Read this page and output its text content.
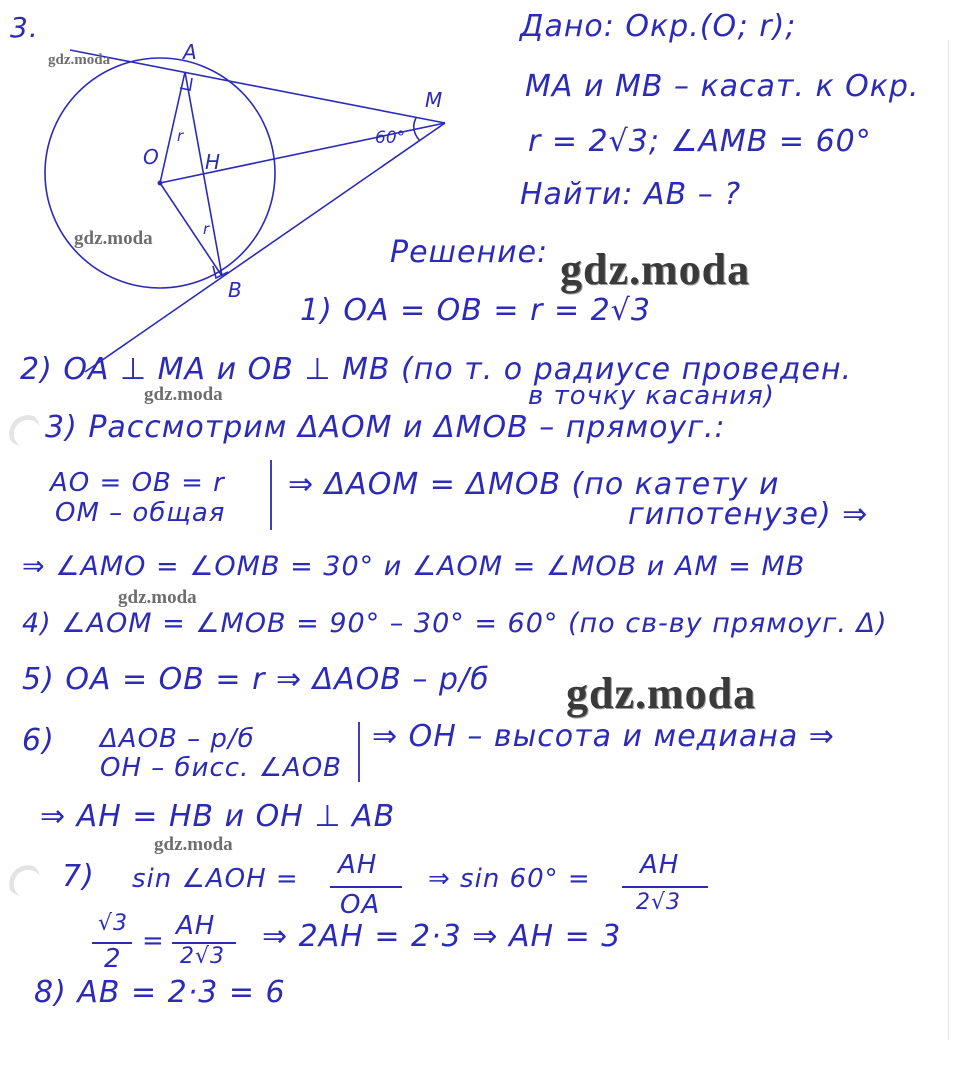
3.
A
B
M
O H
r
r
60°
Дано: Окр.(O; r);
MA и MB – касат. к Окр.
r = 2√3; ∠AMB = 60°
Найти: AB – ?
Решение:
1) OA = OB = r = 2√3
2) OA ⊥ MA и OB ⊥ MB (по т. о радиусе проведен.
в точку касания)
3) Рассмотрим ΔAOM и ΔMOB – прямоуг.:
AO = OB = r
OM – общая
⇒ ΔAOM = ΔMOB (по катету и
гипотенузе) ⇒
⇒ ∠AMO = ∠OMB = 30° и ∠AOM = ∠MOB и AM = MB
4) ∠AOM = ∠MOB = 90° – 30° = 60° (по св-ву прямоуг. Δ)
5) OA = OB = r ⇒ ΔAOB – р/б
6) ΔAOB – р/б
OH – бисс. ∠AOB
⇒ OH – высота и медиана ⇒
⇒ AH = HB и OH ⊥ AB
7) sin ∠AOH = AH
OA
⇒ sin 60° = AH
2√3
√3
2
= AH
2√3
⇒ 2AH = 2·3 ⇒ AH = 3
8) AB = 2·3 = 6
gdz.moda
gdz.moda
gdz.moda
gdz.moda
gdz.moda
gdz.moda
gdz.moda
